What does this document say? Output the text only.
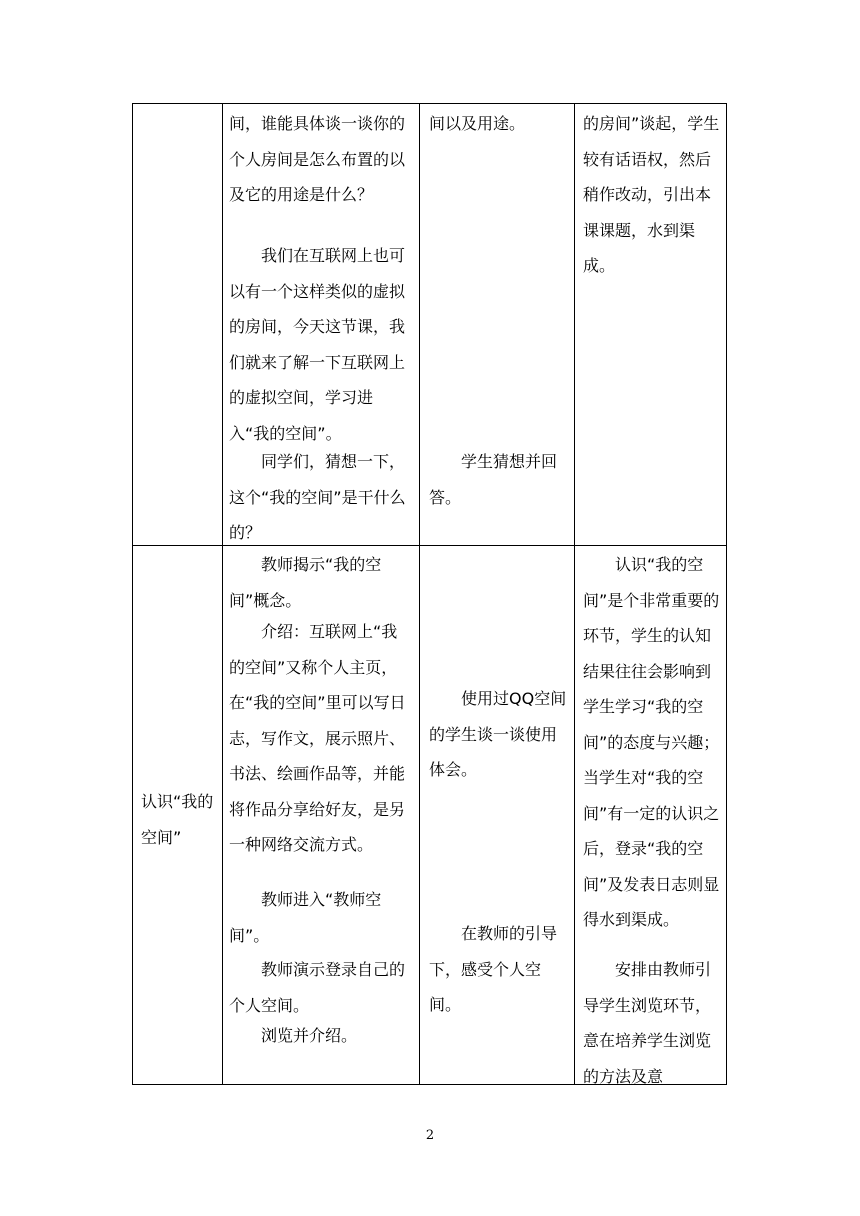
间，谁能具体谈一谈你的个人房间是怎么布置的以及它的用途是什么？

我们在互联网上也可以有一个这样类似的虚拟的房间，今天这节课，我们就来了解一下互联网上的虚拟空间，学习进入“我的空间”。

同学们，猜想一下，这个“我的空间”是干什么的？

间以及用途。

学生猜想并回答。

的房间”谈起，学生较有话语权，然后稍作改动，引出本课课题，水到渠成。

认识“我的空间”

教师揭示“我的空间”概念。

介绍：互联网上“我的空间”又称个人主页，在“我的空间”里可以写日志，写作文，展示照片、书法、绘画作品等，并能将作品分享给好友，是另一种网络交流方式。

教师进入“教师空间”。

教师演示登录自己的个人空间。

浏览并介绍。

使用过QQ空间的学生谈一谈使用体会。

在教师的引导下，感受个人空间。

认识“我的空间”是个非常重要的环节，学生的认知结果往往会影响到学生学习“我的空间”的态度与兴趣；当学生对“我的空间”有一定的认识之后，登录“我的空间”及发表日志则显得水到渠成。

安排由教师引导学生浏览环节，意在培养学生浏览的方法及意

2
